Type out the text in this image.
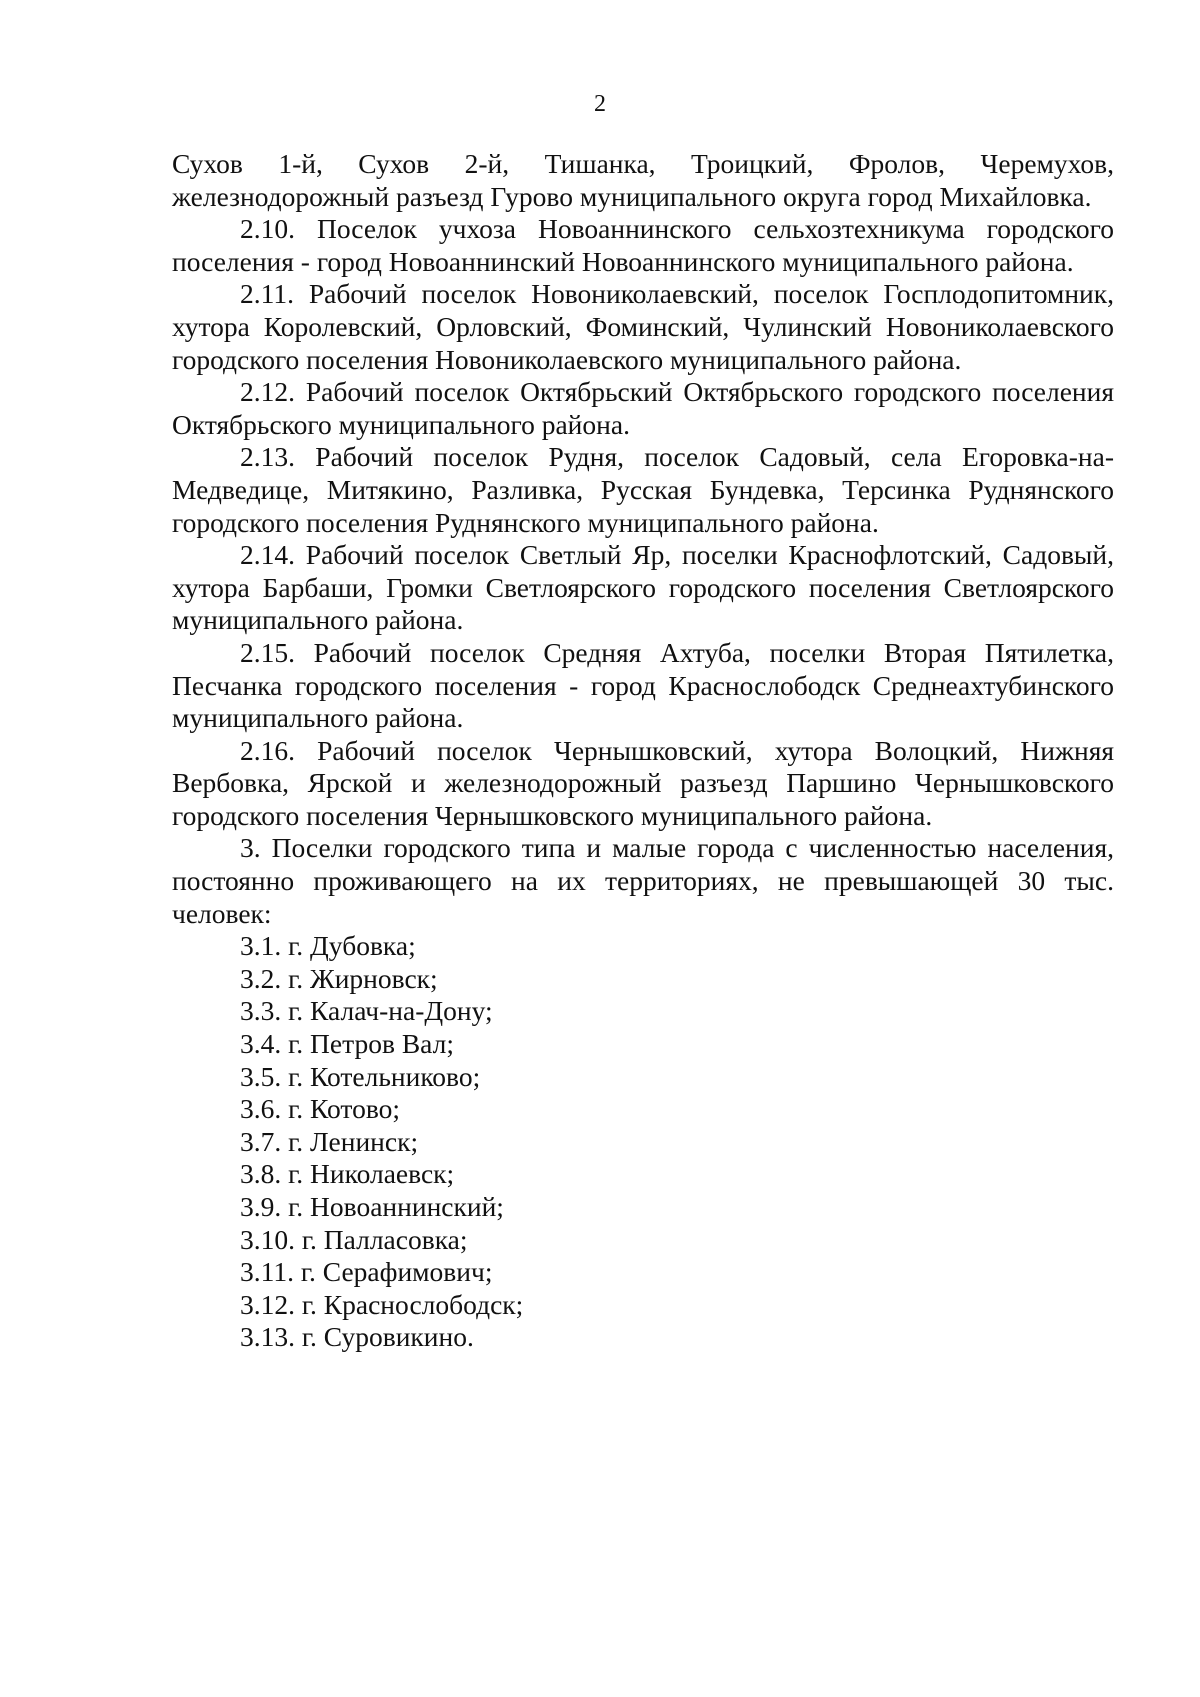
2

Сухов 1-й, Сухов 2-й, Тишанка, Троицкий, Фролов, Черемухов, железнодорожный разъезд Гурово муниципального округа город Михайловка.

2.10. Поселок учхоза Новоаннинского сельхозтехникума городского поселения - город Новоаннинский Новоаннинского муниципального района.

2.11. Рабочий поселок Новониколаевский, поселок Госплодопитомник, хутора Королевский, Орловский, Фоминский, Чулинский Новониколаевского городского поселения Новониколаевского муниципального района.

2.12. Рабочий поселок Октябрьский Октябрьского городского поселения Октябрьского муниципального района.

2.13. Рабочий поселок Рудня, поселок Садовый, села Егоровка-на-Медведице, Митякино, Разливка, Русская Бундевка, Терсинка Руднянского городского поселения Руднянского муниципального района.

2.14. Рабочий поселок Светлый Яр, поселки Краснофлотский, Садовый, хутора Барбаши, Громки Светлоярского городского поселения Светлоярского муниципального района.

2.15. Рабочий поселок Средняя Ахтуба, поселки Вторая Пятилетка, Песчанка городского поселения - город Краснослободск Среднеахтубинского муниципального района.

2.16. Рабочий поселок Чернышковский, хутора Волоцкий, Нижняя Вербовка, Ярской и железнодорожный разъезд Паршино Чернышковского городского поселения Чернышковского муниципального района.

3. Поселки городского типа и малые города с численностью населения, постоянно проживающего на их территориях, не превышающей 30 тыс. человек:

3.1. г. Дубовка;
3.2. г. Жирновск;
3.3. г. Калач-на-Дону;
3.4. г. Петров Вал;
3.5. г. Котельниково;
3.6. г. Котово;
3.7. г. Ленинск;
3.8. г. Николаевск;
3.9. г. Новоаннинский;
3.10. г. Палласовка;
3.11. г. Серафимович;
3.12. г. Краснослободск;
3.13. г. Суровикино.
